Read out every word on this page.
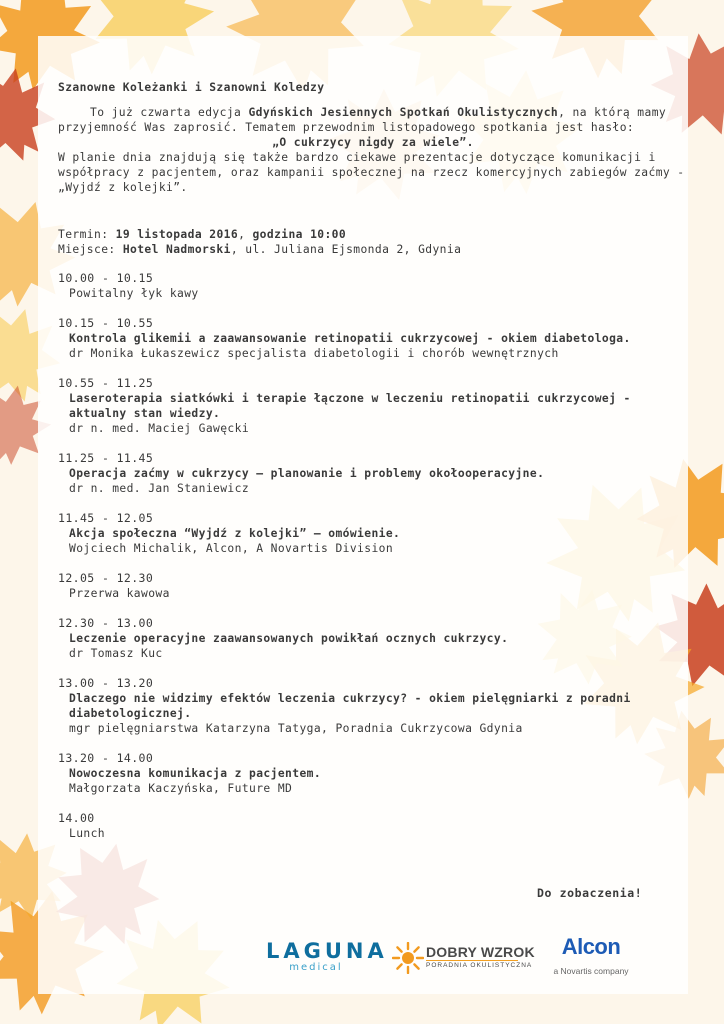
Szanowne Koleżanki i Szanowni Koledzy

To już czwarta edycja Gdyńskich Jesiennych Spotkań Okulistycznych, na którą mamy przyjemność Was zaprosić. Tematem przewodnim listopadowego spotkania jest hasło:

„O cukrzycy nigdy za wiele”.

W planie dnia znajdują się także bardzo ciekawe prezentacje dotyczące komunikacji i współpracy z pacjentem, oraz kampanii społecznej na rzecz komercyjnych zabiegów zaćmy - „Wyjdź z kolejki”.

Termin: 19 listopada 2016, godzina 10:00
Miejsce: Hotel Nadmorski, ul. Juliana Ejsmonda 2, Gdynia
10.00 - 10.15
Powitalny łyk kawy
10.15 - 10.55
Kontrola glikemii a zaawansowanie retinopatii cukrzycowej - okiem diabetologa.
dr Monika Łukaszewicz specjalista diabetologii i chorób wewnętrznych
10.55 - 11.25
Laseroterapia siatkówki i terapie łączone w leczeniu retinopatii cukrzycowej - aktualny stan wiedzy.
dr n. med. Maciej Gawęcki
11.25 - 11.45
Operacja zaćmy w cukrzycy – planowanie i problemy okołooperacyjne.
dr n. med. Jan Staniewicz
11.45 - 12.05
Akcja społeczna “Wyjdź z kolejki” – omówienie.
Wojciech Michalik, Alcon, A Novartis Division
12.05 - 12.30
Przerwa kawowa
12.30 - 13.00
Leczenie operacyjne zaawansowanych powikłań ocznych cukrzycy.
dr Tomasz Kuc
13.00 - 13.20
Dlaczego nie widzimy efektów leczenia cukrzycy? - okiem pielęgniarki z poradni diabetologicznej.
mgr pielęgniarstwa Katarzyna Tatyga, Poradnia Cukrzycowa Gdynia
13.20 - 14.00
Nowoczesna komunikacja z pacjentem.
Małgorzata Kaczyńska, Future MD
14.00
Lunch
Do zobaczenia!
LAGUNA
medical
DOBRY WZROK
PORADNIA OKULISTYCZNA
Alcon
a Novartis company
